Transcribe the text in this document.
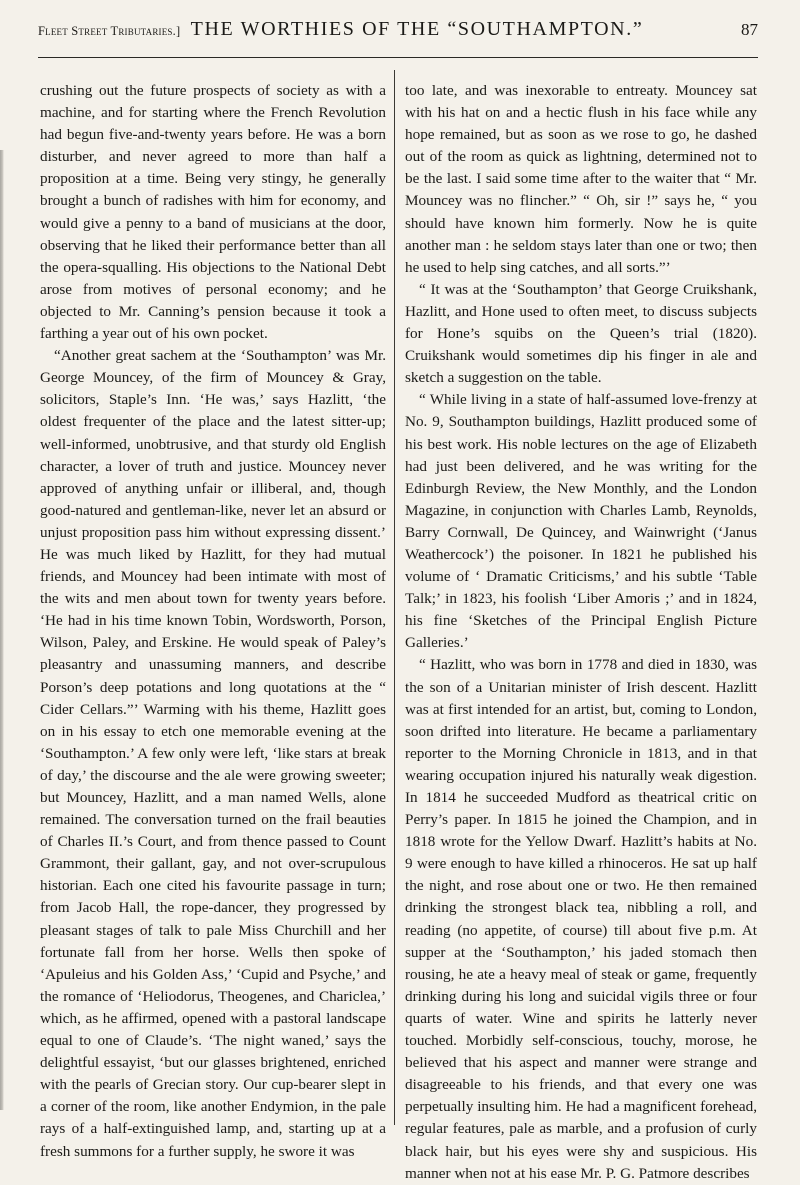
Fleet Street Tributaries.] THE WORTHIES OF THE “SOUTHAMPTON.”	87

crushing out the future prospects of society as with a machine, and for starting where the French Revolution had begun five-and-twenty years before. He was a born disturber, and never agreed to more than half a proposition at a time. Being very stingy, he generally brought a bunch of radishes with him for economy, and would give a penny to a band of musicians at the door, observing that he liked their performance better than all the opera-squalling. His objections to the National Debt arose from motives of personal economy; and he objected to Mr. Canning’s pension because it took a farthing a year out of his own pocket.

“Another great sachem at the ‘Southampton’ was Mr. George Mouncey, of the firm of Mouncey & Gray, solicitors, Staple’s Inn. ‘He was,’ says Hazlitt, ‘the oldest frequenter of the place and the latest sitter-up; well-informed, unobtrusive, and that sturdy old English character, a lover of truth and justice. Mouncey never approved of anything unfair or illiberal, and, though good-natured and gentleman-like, never let an absurd or unjust proposition pass him without expressing dissent.’ He was much liked by Hazlitt, for they had mutual friends, and Mouncey had been intimate with most of the wits and men about town for twenty years before. ‘He had in his time known Tobin, Wordsworth, Porson, Wilson, Paley, and Erskine. He would speak of Paley’s pleasantry and unassuming manners, and describe Porson’s deep potations and long quotations at the “ Cider Cellars.”’ Warming with his theme, Hazlitt goes on in his essay to etch one memorable evening at the ‘Southampton.’ A few only were left, ‘like stars at break of day,’ the discourse and the ale were growing sweeter; but Mouncey, Hazlitt, and a man named Wells, alone remained. The conversation turned on the frail beauties of Charles II.’s Court, and from thence passed to Count Grammont, their gallant, gay, and not over-scrupulous historian. Each one cited his favourite passage in turn; from Jacob Hall, the rope-dancer, they progressed by pleasant stages of talk to pale Miss Churchill and her fortunate fall from her horse. Wells then spoke of ‘Apuleius and his Golden Ass,’ ‘Cupid and Psyche,’ and the romance of ‘Heliodorus, Theogenes, and Chariclea,’ which, as he affirmed, opened with a pastoral landscape equal to one of Claude’s. ‘The night waned,’ says the delightful essayist, ‘but our glasses brightened, enriched with the pearls of Grecian story. Our cup-bearer slept in a corner of the room, like another Endymion, in the pale rays of a half-extinguished lamp, and, starting up at a fresh summons for a further supply, he swore it was

too late, and was inexorable to entreaty. Mouncey sat with his hat on and a hectic flush in his face while any hope remained, but as soon as we rose to go, he dashed out of the room as quick as lightning, determined not to be the last. I said some time after to the waiter that “ Mr. Mouncey was no flincher.” “ Oh, sir !” says he, “ you should have known him formerly. Now he is quite another man : he seldom stays later than one or two; then he used to help sing catches, and all sorts.”’

“ It was at the ‘Southampton’ that George Cruikshank, Hazlitt, and Hone used to often meet, to discuss subjects for Hone’s squibs on the Queen’s trial (1820). Cruikshank would sometimes dip his finger in ale and sketch a suggestion on the table.

“ While living in a state of half-assumed love-frenzy at No. 9, Southampton buildings, Hazlitt produced some of his best work. His noble lectures on the age of Elizabeth had just been delivered, and he was writing for the Edinburgh Review, the New Monthly, and the London Magazine, in conjunction with Charles Lamb, Reynolds, Barry Cornwall, De Quincey, and Wainwright (‘Janus Weathercock’) the poisoner. In 1821 he published his volume of ‘ Dramatic Criticisms,’ and his subtle ‘Table Talk;’ in 1823, his foolish ‘Liber Amoris ;’ and in 1824, his fine ‘Sketches of the Principal English Picture Galleries.’

“ Hazlitt, who was born in 1778 and died in 1830, was the son of a Unitarian minister of Irish descent. Hazlitt was at first intended for an artist, but, coming to London, soon drifted into literature. He became a parliamentary reporter to the Morning Chronicle in 1813, and in that wearing occupation injured his naturally weak digestion. In 1814 he succeeded Mudford as theatrical critic on Perry’s paper. In 1815 he joined the Champion, and in 1818 wrote for the Yellow Dwarf. Hazlitt’s habits at No. 9 were enough to have killed a rhinoceros. He sat up half the night, and rose about one or two. He then remained drinking the strongest black tea, nibbling a roll, and reading (no appetite, of course) till about five p.m. At supper at the ‘Southampton,’ his jaded stomach then rousing, he ate a heavy meal of steak or game, frequently drinking during his long and suicidal vigils three or four quarts of water. Wine and spirits he latterly never touched. Morbidly self-conscious, touchy, morose, he believed that his aspect and manner were strange and disagreeable to his friends, and that every one was perpetually insulting him. He had a magnificent forehead, regular features, pale as marble, and a profusion of curly black hair, but his eyes were shy and suspicious. His manner when not at his ease Mr. P. G. Patmore describes
